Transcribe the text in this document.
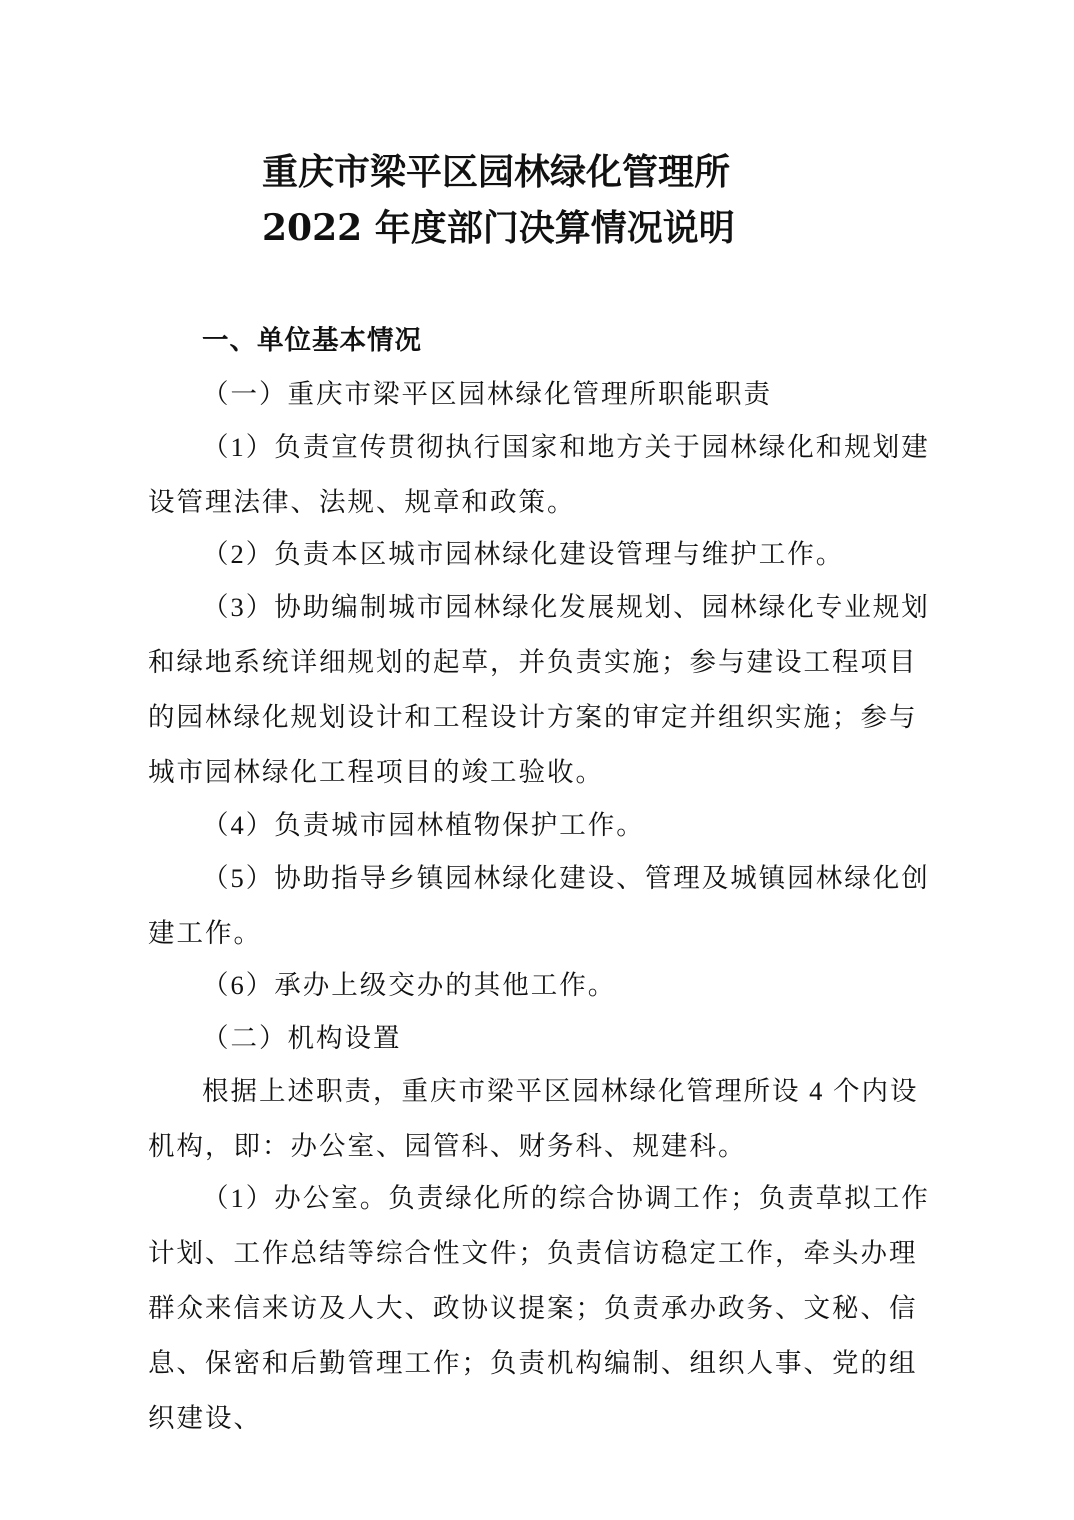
重庆市梁平区园林绿化管理所
2022 年度部门决算情况说明

一、单位基本情况

（一）重庆市梁平区园林绿化管理所职能职责

（1）负责宣传贯彻执行国家和地方关于园林绿化和规划建设管理法律、法规、规章和政策。

（2）负责本区城市园林绿化建设管理与维护工作。

（3）协助编制城市园林绿化发展规划、园林绿化专业规划和绿地系统详细规划的起草，并负责实施；参与建设工程项目的园林绿化规划设计和工程设计方案的审定并组织实施；参与城市园林绿化工程项目的竣工验收。

（4）负责城市园林植物保护工作。

（5）协助指导乡镇园林绿化建设、管理及城镇园林绿化创建工作。

（6）承办上级交办的其他工作。

（二）机构设置

根据上述职责，重庆市梁平区园林绿化管理所设 4 个内设机构，即：办公室、园管科、财务科、规建科。

（1）办公室。负责绿化所的综合协调工作；负责草拟工作计划、工作总结等综合性文件；负责信访稳定工作，牵头办理群众来信来访及人大、政协议提案；负责承办政务、文秘、信息、保密和后勤管理工作；负责机构编制、组织人事、党的组织建设、
